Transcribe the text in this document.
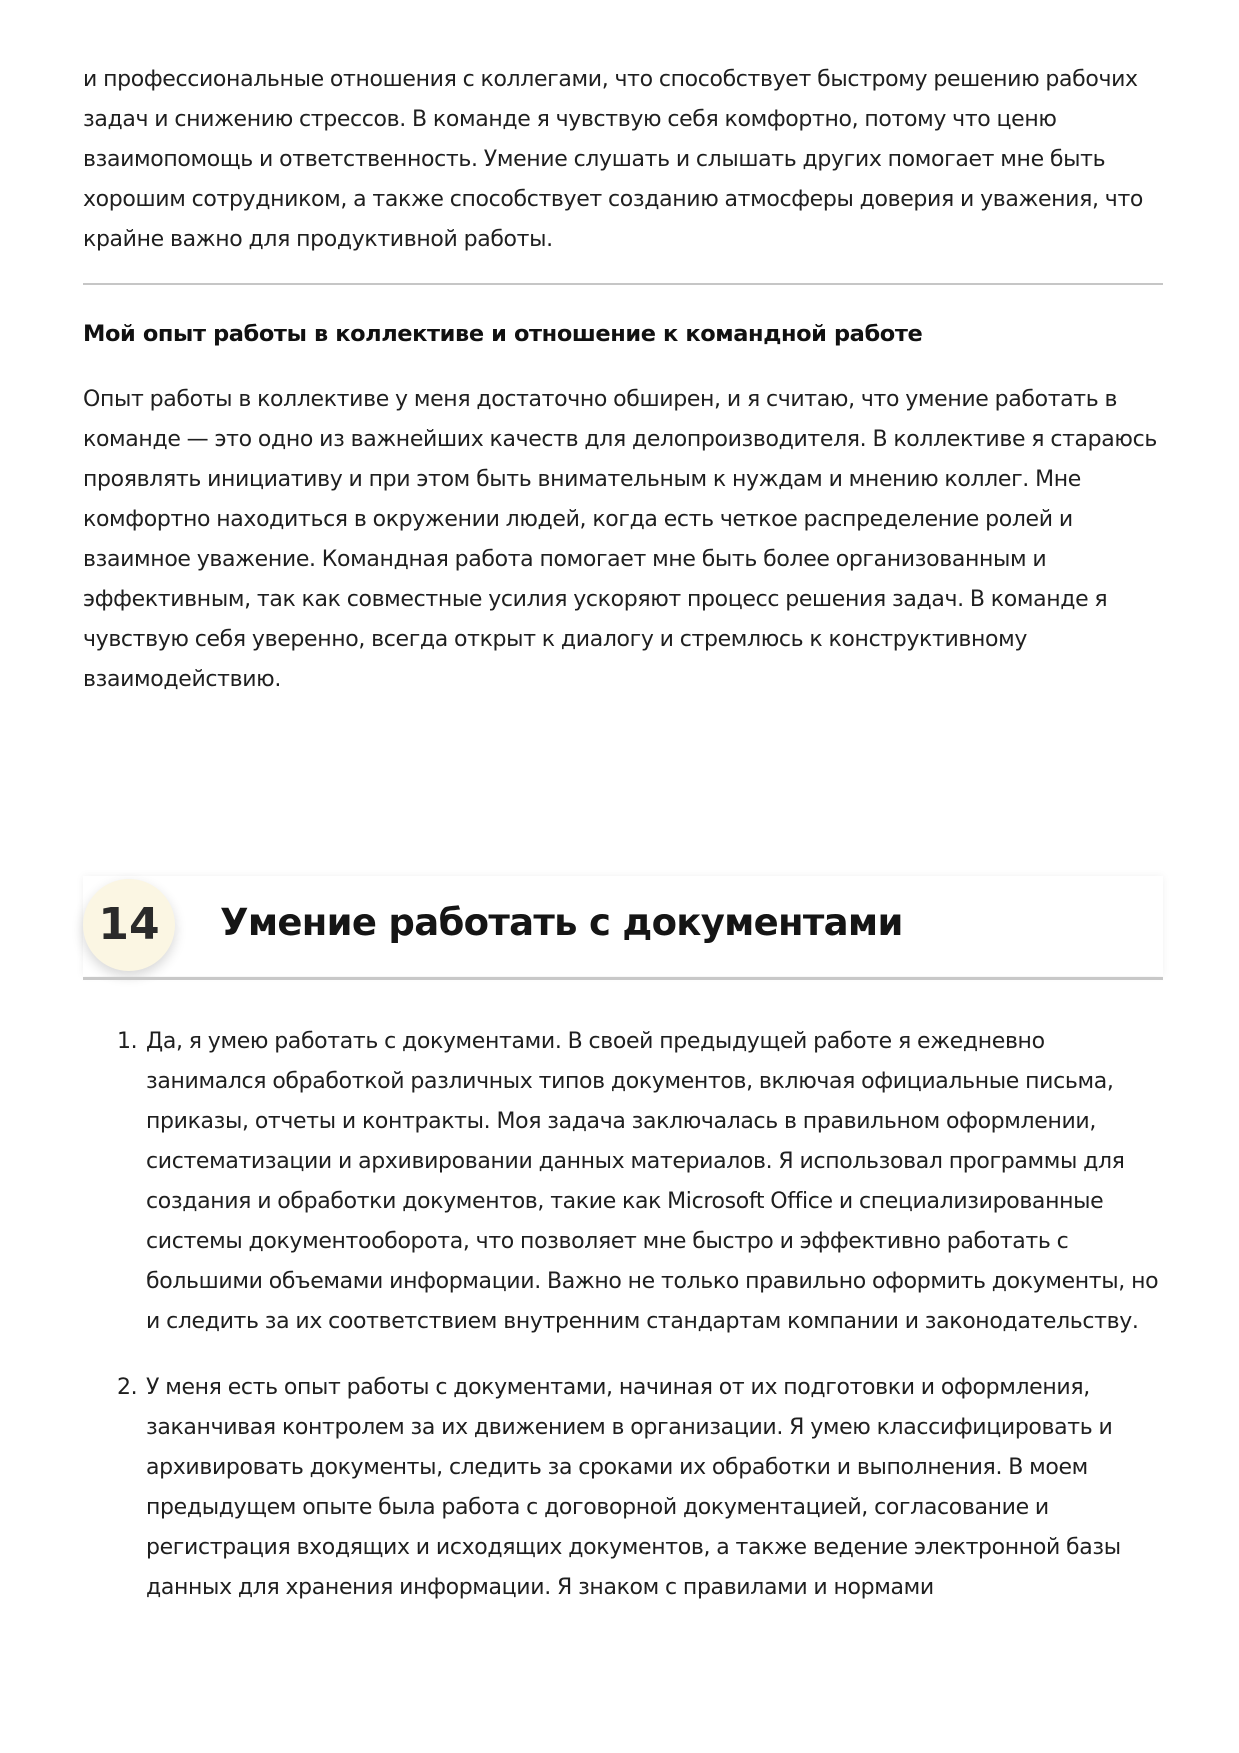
и профессиональные отношения с коллегами, что способствует быстрому решению рабочих задач и снижению стрессов. В команде я чувствую себя комфортно, потому что ценю взаимопомощь и ответственность. Умение слушать и слышать других помогает мне быть хорошим сотрудником, а также способствует созданию атмосферы доверия и уважения, что крайне важно для продуктивной работы.

Мой опыт работы в коллективе и отношение к командной работе

Опыт работы в коллективе у меня достаточно обширен, и я считаю, что умение работать в команде — это одно из важнейших качеств для делопроизводителя. В коллективе я стараюсь проявлять инициативу и при этом быть внимательным к нуждам и мнению коллег. Мне комфортно находиться в окружении людей, когда есть четкое распределение ролей и взаимное уважение. Командная работа помогает мне быть более организованным и эффективным, так как совместные усилия ускоряют процесс решения задач. В команде я чувствую себя уверенно, всегда открыт к диалогу и стремлюсь к конструктивному взаимодействию.

14	Умение работать с документами
1. Да, я умею работать с документами. В своей предыдущей работе я ежедневно занимался обработкой различных типов документов, включая официальные письма, приказы, отчеты и контракты. Моя задача заключалась в правильном оформлении, систематизации и архивировании данных материалов. Я использовал программы для создания и обработки документов, такие как Microsoft Office и специализированные системы документооборота, что позволяет мне быстро и эффективно работать с большими объемами информации. Важно не только правильно оформить документы, но и следить за их соответствием внутренним стандартам компании и законодательству.
2. У меня есть опыт работы с документами, начиная от их подготовки и оформления, заканчивая контролем за их движением в организации. Я умею классифицировать и архивировать документы, следить за сроками их обработки и выполнения. В моем предыдущем опыте была работа с договорной документацией, согласование и регистрация входящих и исходящих документов, а также ведение электронной базы данных для хранения информации. Я знаком с правилами и нормами
